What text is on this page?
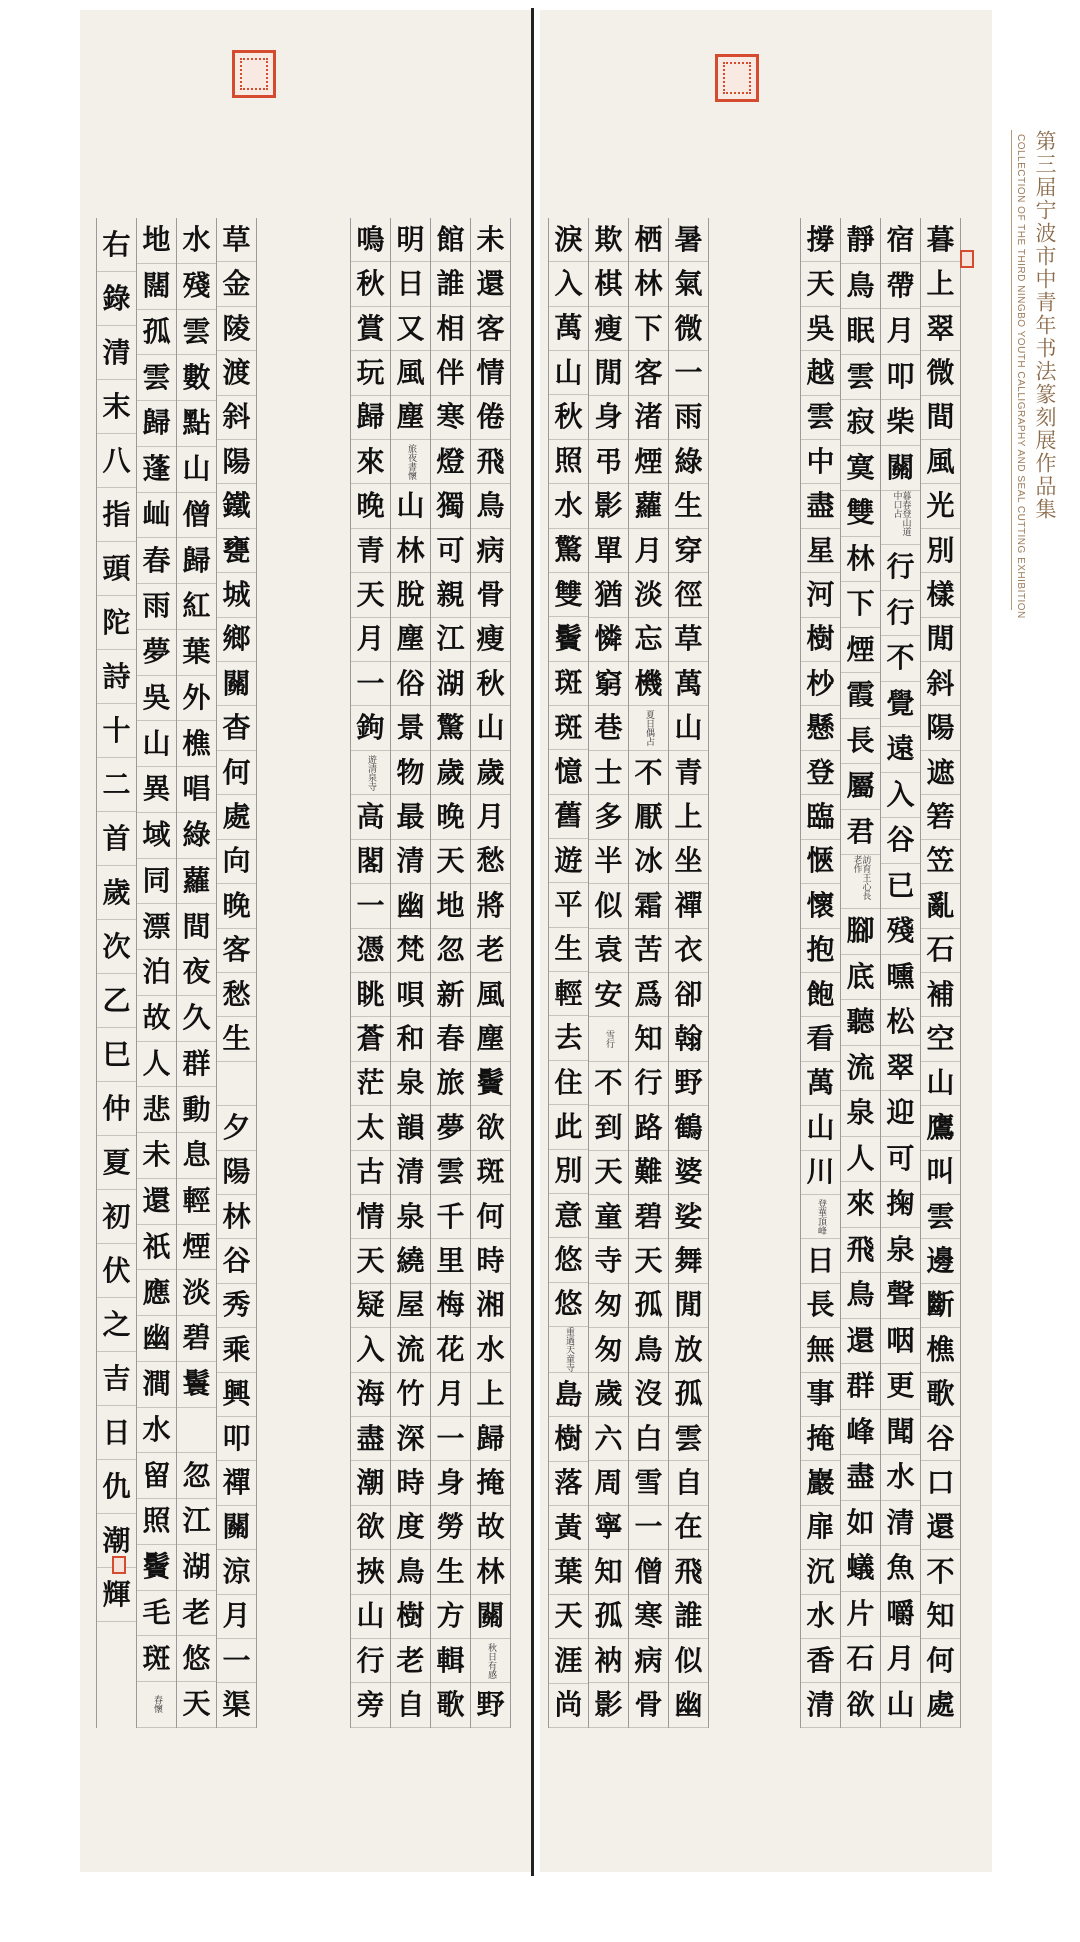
草
金
陵
渡
斜
陽
鐵
甕
城
鄉
關
杳
何
處
向
晚
客
愁
生
夕
陽
林
谷
秀
乘
興
叩
禪
關
涼
月
一
渠
水
殘
雲
數
點
山
僧
歸
紅
葉
外
樵
唱
綠
蘿
間
夜
久
群
動
息
輕
煙
淡
碧
鬟
忽
江
湖
老
悠
天
地
闊
孤
雲
歸
蓬
屾
春
雨
夢
吳
山
異
域
同
漂
泊
故
人
悲
未
還
祇
應
幽
澗
水
留
照
鬢
毛
斑
春懷
右
錄
清
末
八
指
頭
陀
詩
十
二
首
歲
次
乙
巳
仲
夏
初
伏
之
吉
日
仇
潮
輝
未
還
客
情
倦
飛
鳥
病
骨
瘦
秋
山
歲
月
愁
將
老
風
塵
鬢
欲
斑
何
時
湘
水
上
歸
掩
故
林
關
秋日有感
野
館
誰
相
伴
寒
燈
獨
可
親
江
湖
驚
歲
晚
天
地
忽
新
春
旅
夢
雲
千
里
梅
花
月
一
身
勞
生
方
輯
歌
明
日
又
風
塵
旅夜書懷
山
林
脫
塵
俗
景
物
最
清
幽
梵
唄
和
泉
韻
清
泉
繞
屋
流
竹
深
時
度
鳥
樹
老
自
鳴
秋
賞
玩
歸
來
晚
青
天
月
一
鉤
遊清泉寺
高
閣
一
憑
眺
蒼
茫
太
古
情
天
疑
入
海
盡
潮
欲
挾
山
行
旁
暑
氣
微
一
雨
綠
生
穿
徑
草
萬
山
青
上
坐
禪
衣
卻
翰
野
鶴
婆
娑
舞
閒
放
孤
雲
自
在
飛
誰
似
幽
栖
林
下
客
渚
煙
蘿
月
淡
忘
機
夏日偶占
不
厭
冰
霜
苦
爲
知
行
路
難
碧
天
孤
鳥
沒
白
雪
一
僧
寒
病
骨
欺
棋
瘦
閒
身
弔
影
單
猶
憐
窮
巷
士
多
半
似
袁
安
雪行
不
到
天
童
寺
匆
匆
歲
六
周
寧
知
孤
衲
影
淚
入
萬
山
秋
照
水
驚
雙
鬢
斑
斑
憶
舊
遊
平
生
輕
去
住
此
別
意
悠
悠
重過天童寺
島
樹
落
黃
葉
天
涯
尚
暮
上
翠
微
間
風
光
別
樣
閒
斜
陽
遮
箬
笠
亂
石
補
空
山
鷹
叫
雲
邊
斷
樵
歌
谷
口
還
不
知
何
處
宿
帶
月
叩
柴
關
暮春登山道中口占
行
行
不
覺
遠
入
谷
已
殘
曛
松
翠
迎
可
掬
泉
聲
咽
更
聞
水
清
魚
嚼
月
山
靜
鳥
眠
雲
寂
寞
雙
林
下
煙
霞
長
屬
君
訪育王心長老作
腳
底
聽
流
泉
人
來
飛
鳥
還
群
峰
盡
如
蟻
片
石
欲
撐
天
吳
越
雲
中
盡
星
河
樹
杪
懸
登
臨
愜
懷
抱
飽
看
萬
山
川
登華頂峰
日
長
無
事
掩
巖
扉
沉
水
香
清
第三届宁波市中青年书法篆刻展作品集
COLLECTION OF THE THIRD NINGBO YOUTH CALLIGRAPHY AND SEAL CUTTING EXHIBITION
